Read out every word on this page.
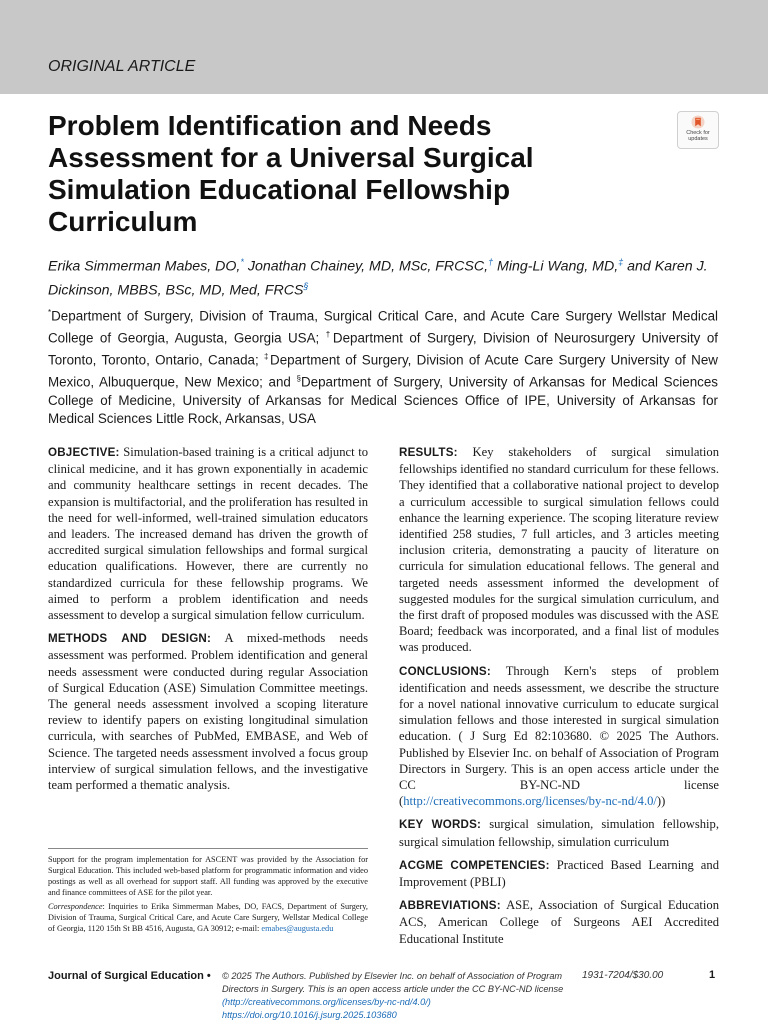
ORIGINAL ARTICLE
Problem Identification and Needs Assessment for a Universal Surgical Simulation Educational Fellowship Curriculum
Check for updates
Erika Simmerman Mabes, DO,* Jonathan Chainey, MD, MSc, FRCSC,† Ming-Li Wang, MD,‡ and Karen J. Dickinson, MBBS, BSc, MD, Med, FRCS§
*Department of Surgery, Division of Trauma, Surgical Critical Care, and Acute Care Surgery Wellstar Medical College of Georgia, Augusta, Georgia USA; †Department of Surgery, Division of Neurosurgery University of Toronto, Toronto, Ontario, Canada; ‡Department of Surgery, Division of Acute Care Surgery University of New Mexico, Albuquerque, New Mexico; and §Department of Surgery, University of Arkansas for Medical Sciences College of Medicine, University of Arkansas for Medical Sciences Office of IPE, University of Arkansas for Medical Sciences Little Rock, Arkansas, USA

OBJECTIVE: Simulation-based training is a critical adjunct to clinical medicine, and it has grown exponentially in academic and community healthcare settings in recent decades. The expansion is multifactorial, and the proliferation has resulted in the need for well-informed, well-trained simulation educators and leaders. The increased demand has driven the growth of accredited surgical simulation fellowships and formal surgical education qualifications. However, there are currently no standardized curricula for these fellowship programs. We aimed to perform a problem identification and needs assessment to develop a surgical simulation fellow curriculum.

METHODS AND DESIGN: A mixed-methods needs assessment was performed. Problem identification and general needs assessment were conducted during regular Association of Surgical Education (ASE) Simulation Committee meetings. The general needs assessment involved a scoping literature review to identify papers on existing longitudinal simulation curricula, with searches of PubMed, EMBASE, and Web of Science. The targeted needs assessment involved a focus group interview of surgical simulation fellows, and the investigative team performed a thematic analysis.

RESULTS: Key stakeholders of surgical simulation fellowships identified no standard curriculum for these fellows. They identified that a collaborative national project to develop a curriculum accessible to surgical simulation fellows could enhance the learning experience. The scoping literature review identified 258 studies, 7 full articles, and 3 articles meeting inclusion criteria, demonstrating a paucity of literature on curricula for simulation educational fellows. The general and targeted needs assessment informed the development of suggested modules for the surgical simulation curriculum, and the first draft of proposed modules was discussed with the ASE Board; feedback was incorporated, and a final list of modules was produced.

CONCLUSIONS: Through Kern's steps of problem identification and needs assessment, we describe the structure for a novel national innovative curriculum to educate surgical simulation fellows and those interested in surgical simulation education. ( J Surg Ed 82:103680. © 2025 The Authors. Published by Elsevier Inc. on behalf of Association of Program Directors in Surgery. This is an open access article under the CC BY-NC-ND license (http://creativecommons.org/licenses/by-nc-nd/4.0/))

KEY WORDS: surgical simulation, simulation fellowship, surgical simulation fellowship, simulation curriculum

ACGME COMPETENCIES: Practiced Based Learning and Improvement (PBLI)

ABBREVIATIONS: ASE, Association of Surgical Education ACS, American College of Surgeons AEI Accredited Educational Institute

Support for the program implementation for ASCENT was provided by the Association for Surgical Education. This included web-based platform for programmatic information and video postings as well as all overhead for support staff. All funding was approved by the executive and finance committees of ASE for the pilot year.

Correspondence: Inquiries to Erika Simmerman Mabes, DO, FACS, Department of Surgery, Division of Trauma, Surgical Critical Care, and Acute Care Surgery, Wellstar Medical College of Georgia, 1120 15th St BB 4516, Augusta, GA 30912; e-mail: emabes@augusta.edu

Journal of Surgical Education • © 2025 The Authors. Published by Elsevier Inc. on behalf of Association of Program Directors in Surgery. This is an open access article under the CC BY-NC-ND license (http://creativecommons.org/licenses/by-nc-nd/4.0/) https://doi.org/10.1016/j.jsurg.2025.103680
1931-7204/$30.00	1
